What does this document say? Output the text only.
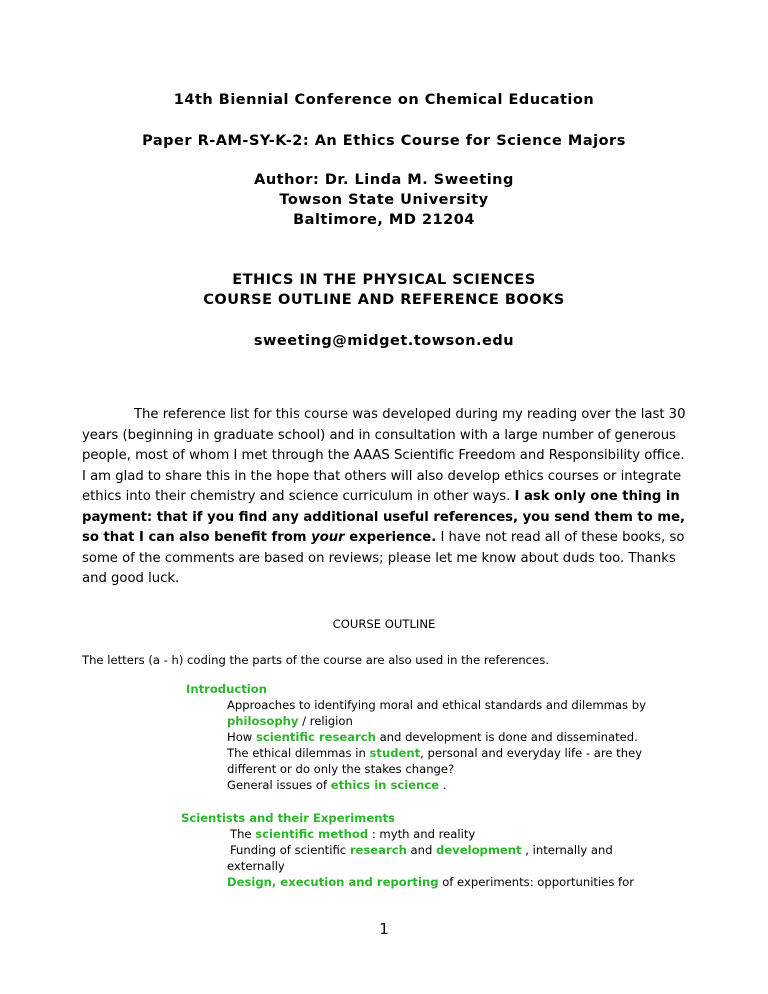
14th Biennial Conference on Chemical Education
Paper R-AM-SY-K-2: An Ethics Course for Science Majors
Author: Dr. Linda M. Sweeting
Towson State University
Baltimore, MD 21204
ETHICS IN THE PHYSICAL SCIENCES
COURSE OUTLINE AND REFERENCE BOOKS
sweeting@midget.towson.edu
The reference list for this course was developed during my reading over the last 30 years (beginning in graduate school) and in consultation with a large number of generous people, most of whom I met through the AAAS Scientific Freedom and Responsibility office. I am glad to share this in the hope that others will also develop ethics courses or integrate ethics into their chemistry and science curriculum in other ways. I ask only one thing in payment: that if you find any additional useful references, you send them to me, so that I can also benefit from your experience. I have not read all of these books, so some of the comments are based on reviews; please let me know about duds too. Thanks and good luck.
COURSE OUTLINE
The letters (a - h) coding the parts of the course are also used in the references.
Introduction
Approaches to identifying moral and ethical standards and dilemmas by
philosophy / religion
How scientific research and development is done and disseminated.
The ethical dilemmas in student, personal and everyday life - are they
different or do only the stakes change?
General issues of ethics in science .
Scientists and their Experiments
The scientific method : myth and reality
Funding of scientific research and development , internally and
externally
Design, execution and reporting of experiments: opportunities for
1
